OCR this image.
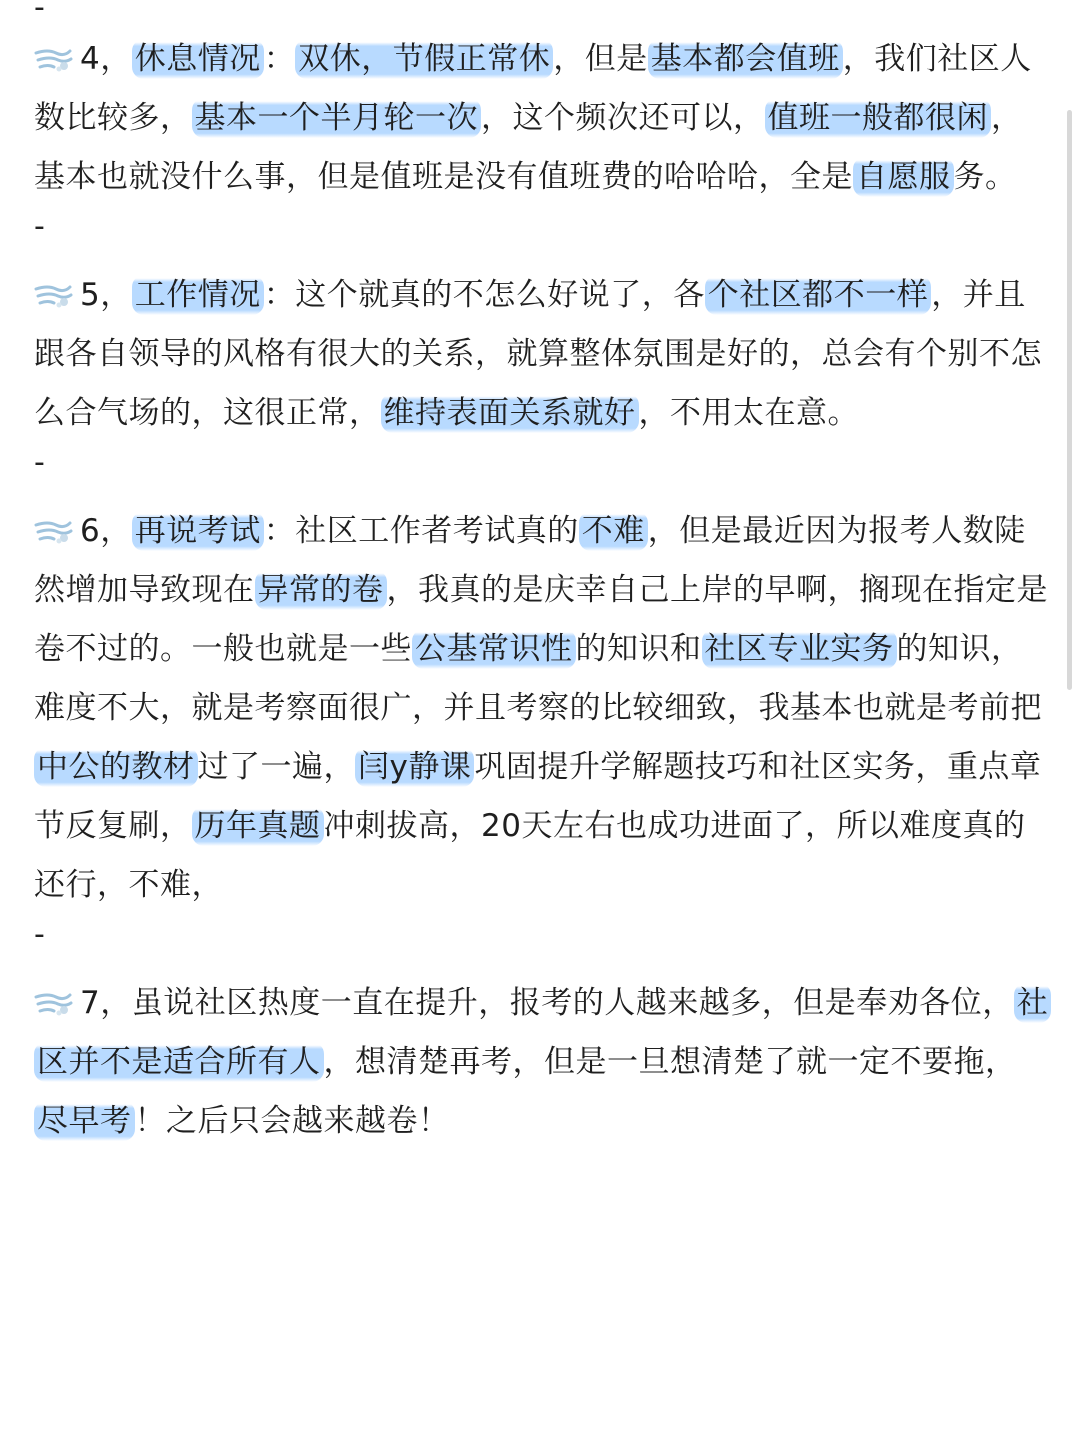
-

4，休息情况：双休，节假正常休，但是基本都会值班，我们社区人数比较多，基本一个半月轮一次，这个频次还可以，值班一般都很闲，基本也就没什么事，但是值班是没有值班费的哈哈哈，全是自愿服务。

-

5，工作情况：这个就真的不怎么好说了，各个社区都不一样，并且跟各自领导的风格有很大的关系，就算整体氛围是好的，总会有个别不怎么合气场的，这很正常，维持表面关系就好，不用太在意。

-

6，再说考试：社区工作者考试真的不难，但是最近因为报考人数陡然增加导致现在异常的卷，我真的是庆幸自己上岸的早啊，搁现在指定是卷不过的。一般也就是一些公基常识性的知识和社区专业实务的知识，难度不大，就是考察面很广，并且考察的比较细致，我基本也就是考前把中公的教材过了一遍，闫y静课巩固提升学解题技巧和社区实务，重点章节反复刷，历年真题冲刺拔高，20天左右也成功进面了，所以难度真的还行，不难，

-

7，虽说社区热度一直在提升，报考的人越来越多，但是奉劝各位，社区并不是适合所有人，想清楚再考，但是一旦想清楚了就一定不要拖，尽早考！之后只会越来越卷！
